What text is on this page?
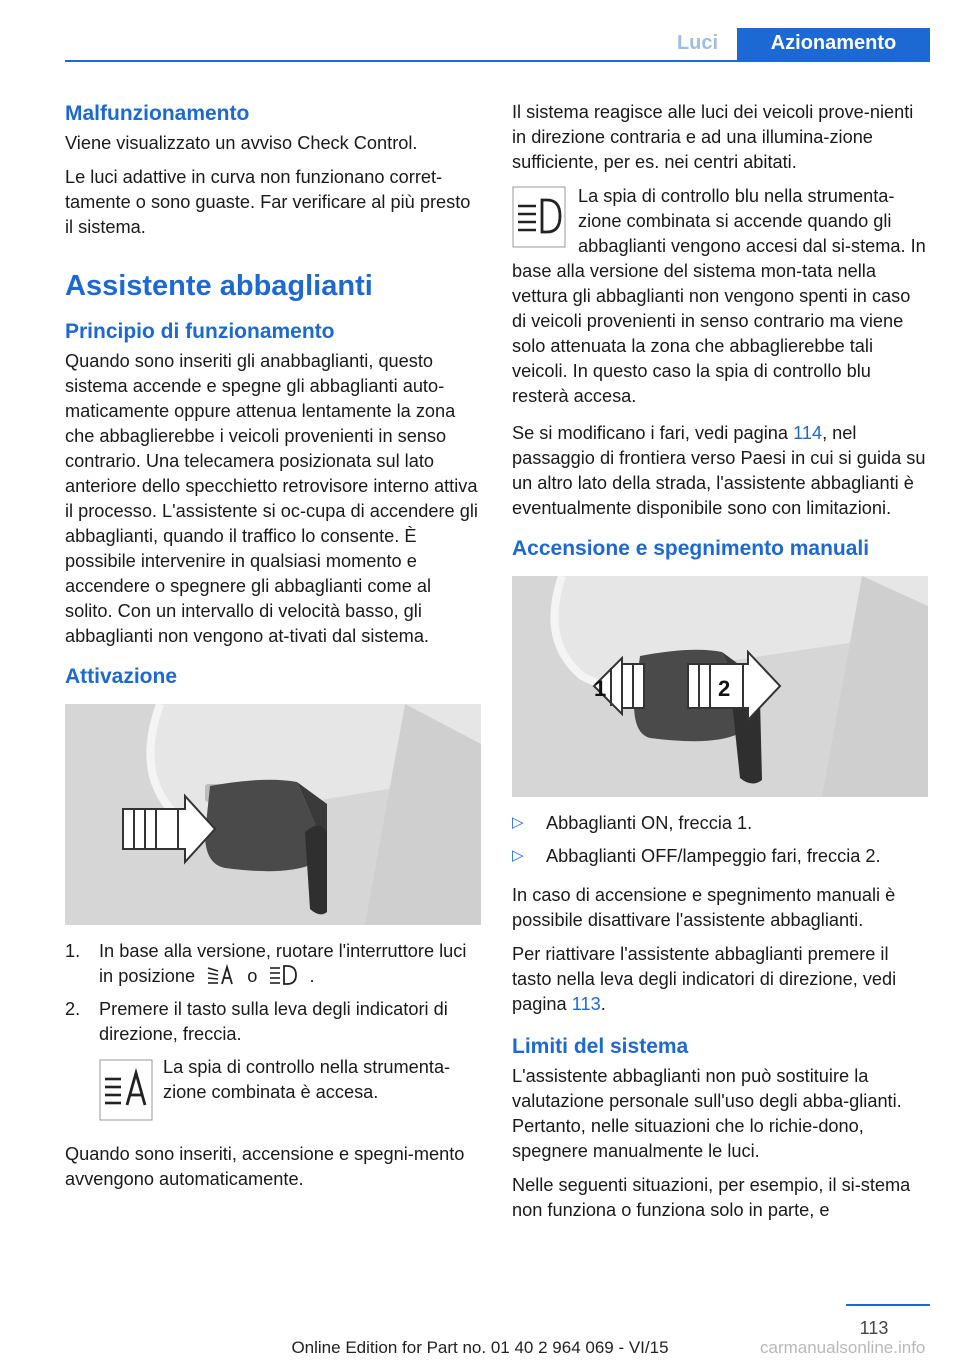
Luci	Azionamento
Malfunzionamento

Viene visualizzato un avviso Check Control.

Le luci adattive in curva non funzionano corret-tamente o sono guaste. Far verificare al più presto il sistema.

Assistente abbaglianti
Principio di funzionamento

Quando sono inseriti gli anabbaglianti, questo sistema accende e spegne gli abbaglianti auto-maticamente oppure attenua lentamente la zona che abbaglierebbe i veicoli provenienti in senso contrario. Una telecamera posizionata sul lato anteriore dello specchietto retrovisore interno attiva il processo. L'assistente si oc-cupa di accendere gli abbaglianti, quando il traffico lo consente. È possibile intervenire in qualsiasi momento e accendere o spegnere gli abbaglianti come al solito. Con un intervallo di velocità basso, gli abbaglianti non vengono at-tivati dal sistema.

Attivazione
1. In base alla versione, ruotare l'interruttore luci in posizione	o	.
2. Premere il tasto sulla leva degli indicatori di direzione, freccia.
La spia di controllo nella strumenta-zione combinata è accesa.

Quando sono inseriti, accensione e spegni-mento avvengono automaticamente.

Il sistema reagisce alle luci dei veicoli prove-nienti in direzione contraria e ad una illumina-zione sufficiente, per es. nei centri abitati.

La spia di controllo blu nella strumenta-zione combinata si accende quando gli abbaglianti vengono accesi dal si-stema. In base alla versione del sistema mon-tata nella vettura gli abbaglianti non vengono spenti in caso di veicoli provenienti in senso contrario ma viene solo attenuata la zona che abbaglierebbe tali veicoli. In questo caso la spia di controllo blu resterà accesa.

Se si modificano i fari, vedi pagina 114, nel passaggio di frontiera verso Paesi in cui si guida su un altro lato della strada, l'assistente abbaglianti è eventualmente disponibile sono con limitazioni.

Accensione e spegnimento manuali
1	2
▷ Abbaglianti ON, freccia 1.
▷ Abbaglianti OFF/lampeggio fari, freccia 2.

In caso di accensione e spegnimento manuali è possibile disattivare l'assistente abbaglianti.

Per riattivare l'assistente abbaglianti premere il tasto nella leva degli indicatori di direzione, vedi pagina 113.

Limiti del sistema

L'assistente abbaglianti non può sostituire la valutazione personale sull'uso degli abba-glianti. Pertanto, nelle situazioni che lo richie-dono, spegnere manualmente le luci.

Nelle seguenti situazioni, per esempio, il si-stema non funziona o funziona solo in parte, e

113
Online Edition for Part no. 01 40 2 964 069 - VI/15	carmanualsonline.info
